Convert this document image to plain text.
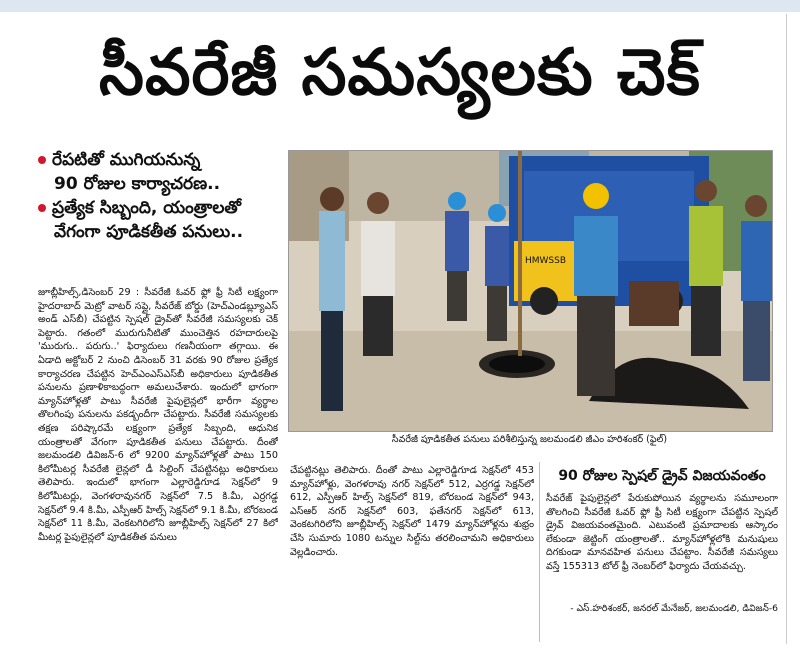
సీవరేజీ సమస్యలకు చెక్
రేపటితో ముగియనున్న
90 రోజుల కార్యాచరణ..
ప్రత్యేక సిబ్బంది, యంత్రాలతో
వేగంగా పూడికతీత పనులు..
జూబ్లీహిల్స్‌,డిసెంబర్‌ 29 : సీవరేజీ ఓవర్‌ ఫ్లో ఫ్రీ సిటీ లక్ష్యంగా హైదరాబాద్‌ మెట్రో వాటర్‌ సప్లై, సీవరేజ్‌ బోర్డు (హెచ్‌ఎండబ్ల్యూఎస్‌ అండ్‌ ఎస్‌బీ) చేపట్టిన స్పెషల్‌ డ్రైవ్‌తో సీవరేజీ సమస్యలకు చెక్‌ పెట్టారు. గతంలో మురుగునీటితో ముంచెత్తిన రహదారులపై 'మురుగు.. పరుగు..' ఫిర్యాదులు గణనీయంగా తగ్గాయి. ఈ ఏడాది అక్టోబర్‌ 2 నుంచి డిసెంబర్‌ 31 వరకు 90 రోజుల ప్రత్యేక కార్యాచరణ చేపట్టిన హెచ్‌ఎంఎస్‌ఎస్‌బీ అధికారులు పూడికతీత పనులను ప్రణాళికాబద్ధంగా అమలుచేశారు. ఇందులో భాగంగా మ్యాన్‌హోళ్లతో పాటు సీవరేజీ పైపులైన్లలో భారీగా వ్యర్థాల తొలగింపు పనులను పకడ్బందీగా చేపట్టారు. సీవరేజీ సమస్యలకు తక్షణ పరిష్కారమే లక్ష్యంగా ప్రత్యేక సిబ్బంది, ఆధునిక యంత్రాలతో వేగంగా పూడికతీత పనులు చేపట్టారు. దీంతో జలమండలి డివిజన్‌-6 లో 9200 మ్యాన్‌హోళ్లతో పాటు 150 కిలోమీటర్ల సీవరేజీ లైన్లలో డీ సిల్టింగ్‌ చేపట్టినట్లు అధికారులు తెలిపారు. ఇందులో భాగంగా ఎల్లారెడ్డిగూడ సెక్షన్‌లో 9 కిలోమీటర్లు, వెంగళరావునగర్‌ సెక్షన్‌లో 7.5 కి.మీ, ఎర్రగడ్డ సెక్షన్‌లో 9.4 కి.మీ, ఎస్పీఆర్‌ హిల్స్‌ సెక్షన్‌లో 9.1 కి.మీ, బోరబండ సెక్షన్‌లో 11 కి.మీ, వెంకటగిరిలోని జూబ్లీహిల్స్‌ సెక్షన్‌లో 27 కిలో మీటర్ల పైపులైన్లలో పూడికతీత పనులు
HMWSSB
సీవరేజీ పూడికతీత పనులు పరిశీలిస్తున్న జలమండలి జీఎం హరిశంకర్‌ (ఫైల్‌)
చేపట్టినట్లు తెలిపారు. దీంతో పాటు ఎల్లారెడ్డిగూడ సెక్షన్‌లో 453 మ్యాన్‌హోళ్లు, వెంగళరావు నగర్‌ సెక్షన్‌లో 512, ఎర్రగడ్డ సెక్షన్‌లో 612, ఎస్పీఆర్‌ హిల్స్‌ సెక్షన్‌లో 819, బోరబండ సెక్షన్‌లో 943, ఎస్‌ఆర్‌ నగర్‌ సెక్షన్‌లో 603, ఫతేనగర్‌ సెక్షన్‌లో 613, వెంకటగిరిలోని జూబ్లీహిల్స్‌ సెక్షన్‌లో 1479 మ్యాన్‌హోళ్లను శుభ్రం చేసి సుమారు 1080 టన్నుల సిల్ట్‌ను తరలించామని అధికారులు వెల్లడించారు.
90 రోజుల స్పెషల్‌ డ్రైవ్‌ విజయవంతం
సీవరేజ్‌ పైపులైన్లలో పేరుకుపోయిన వ్యర్థాలను సమూలంగా తొలగించి సీవరేజీ ఓవర్‌ ఫ్లో ఫ్రీ సిటీ లక్ష్యంగా చేపట్టిన స్పెషల్‌ డ్రైవ్‌ విజయవంతమైంది. ఎటువంటి ప్రమాదాలకు ఆస్కారం లేకుండా జెట్టింగ్‌ యంత్రాలతో.. మ్యాన్‌హోళ్లలోకి మనుషులు దిగకుండా మానవహిత పనులు చేపట్టాం. సీవరేజీ సమస్యలు వస్తే 155313 టోల్‌ ఫ్రీ నెంబర్‌లో ఫిర్యాదు చేయవచ్చు.
- ఎస్‌.హరిశంకర్‌, జనరల్‌ మేనేజర్‌, జలమండలి, డివిజన్‌-6
